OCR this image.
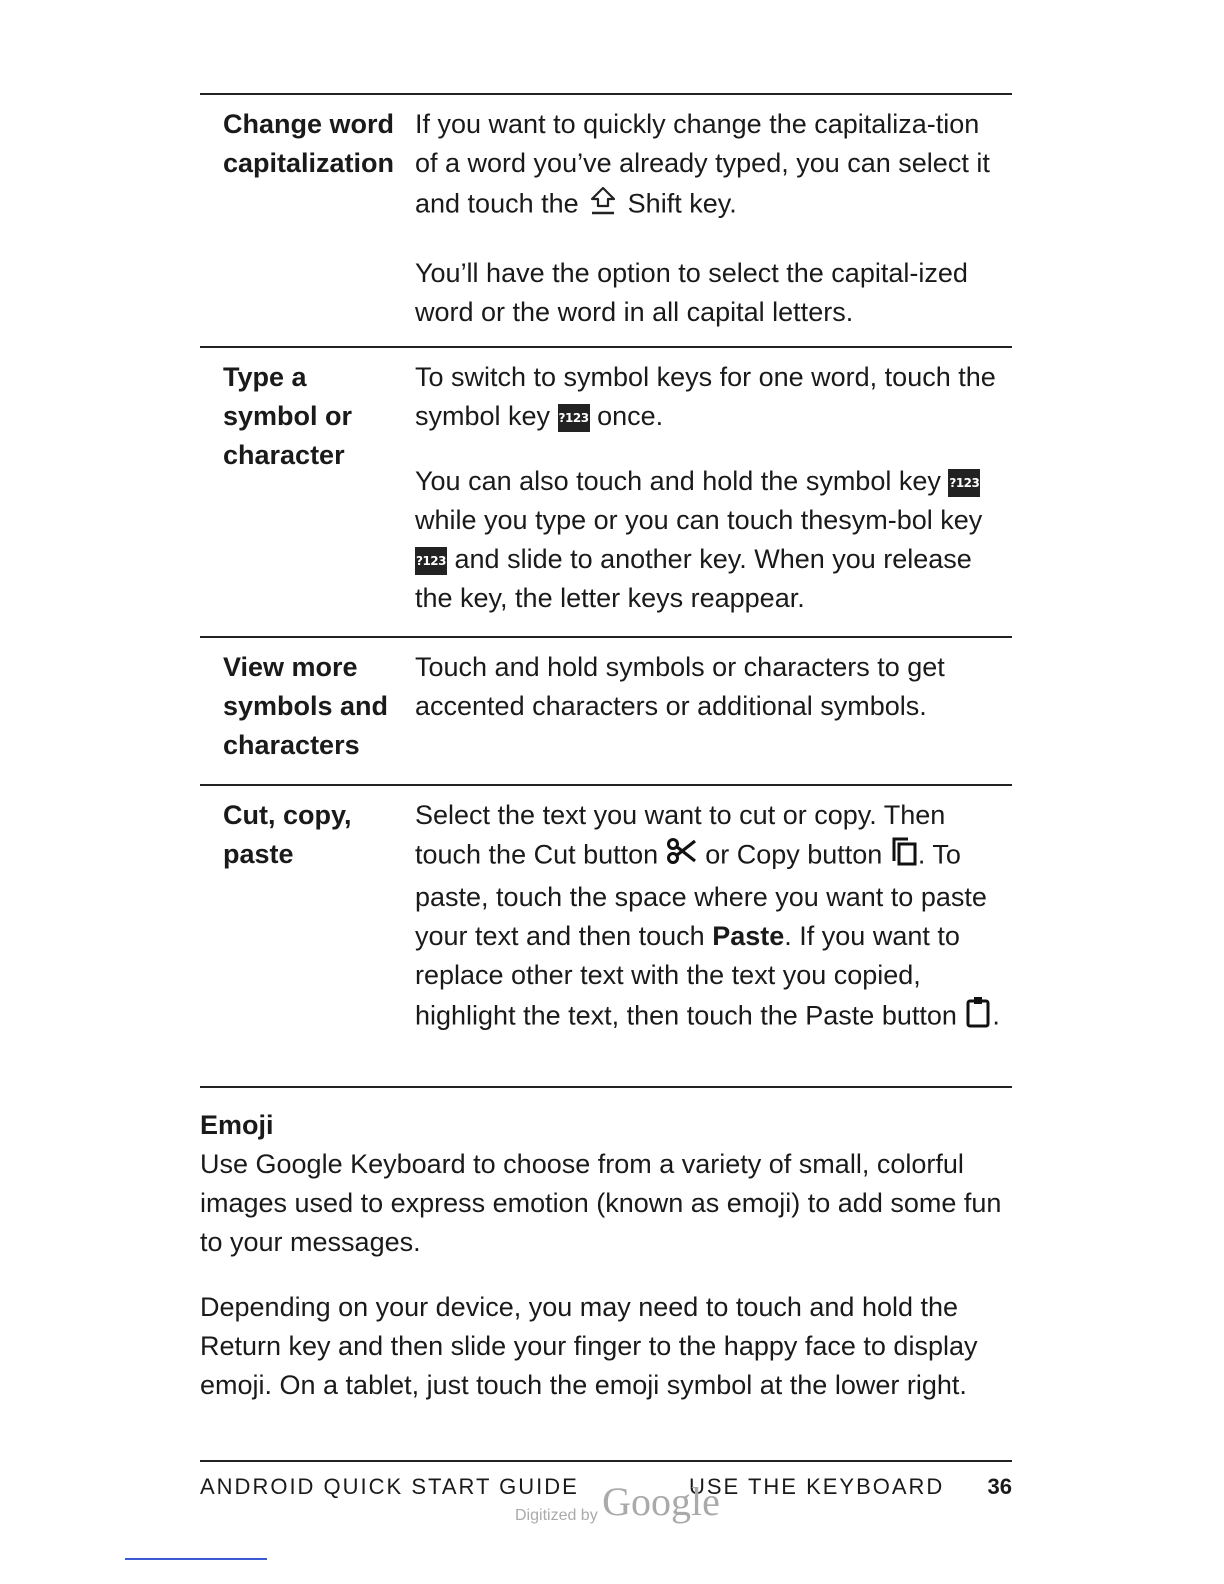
Change word
capitalization

If you want to quickly change the capitaliza-tion of a word you’ve already typed, you can select it and touch the Shift key.

You’ll have the option to select the capital-ized word or the word in all capital letters.

Type a
symbol or
character

To switch to symbol keys for one word, touch the symbol key ?123 once.

You can also touch and hold the symbol key ?123 while you type or you can touch thesym-bol key ?123 and slide to another key. When you release the key, the letter keys reappear.

View more
symbols and
characters

Touch and hold symbols or characters to get accented characters or additional symbols.

Cut, copy,
paste

Select the text you want to cut or copy. Then touch the Cut button or Copy button . To paste, touch the space where you want to paste your text and then touch Paste. If you want to replace other text with the text you copied, highlight the text, then touch the Paste button .

Emoji

Use Google Keyboard to choose from a variety of small, colorful images used to express emotion (known as emoji) to add some fun to your messages.

Depending on your device, you may need to touch and hold the Return key and then slide your finger to the happy face to display emoji. On a tablet, just touch the emoji symbol at the lower right.

ANDROID QUICK START GUIDE	USE THE KEYBOARD 36
Digitized by Google
